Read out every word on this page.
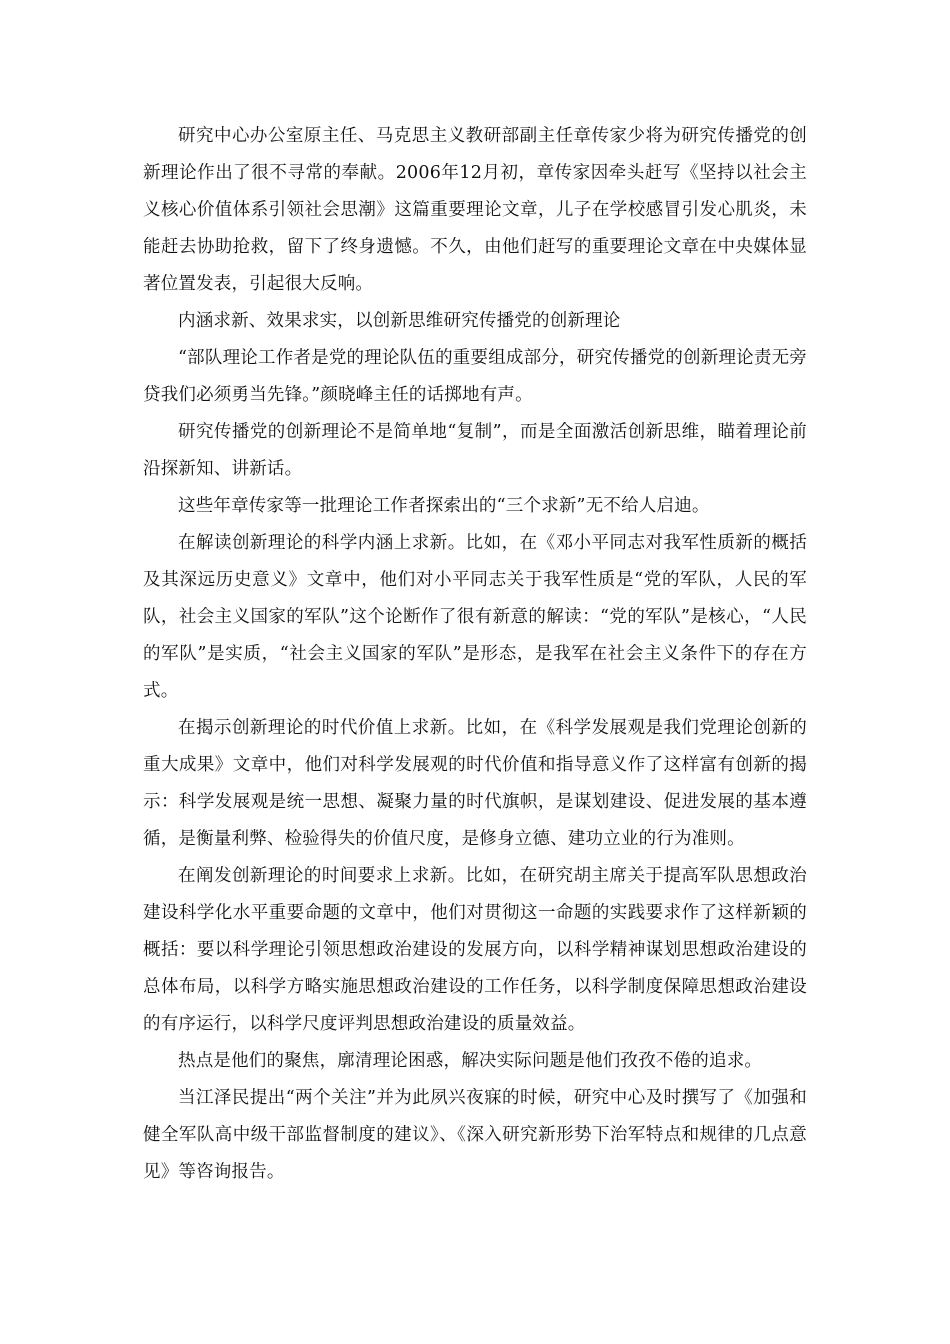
研究中心办公室原主任、马克思主义教研部副主任章传家少将为研究传播党的创新理论作出了很不寻常的奉献。2006年12月初，章传家因牵头赶写《坚持以社会主义核心价值体系引领社会思潮》这篇重要理论文章，儿子在学校感冒引发心肌炎，未能赶去协助抢救，留下了终身遗憾。不久，由他们赶写的重要理论文章在中央媒体显著位置发表，引起很大反响。

内涵求新、效果求实，以创新思维研究传播党的创新理论

“部队理论工作者是党的理论队伍的重要组成部分，研究传播党的创新理论责无旁贷我们必须勇当先锋。”颜晓峰主任的话掷地有声。

研究传播党的创新理论不是简单地“复制”，而是全面激活创新思维，瞄着理论前沿探新知、讲新话。

这些年章传家等一批理论工作者探索出的“三个求新”无不给人启迪。

在解读创新理论的科学内涵上求新。比如，在《邓小平同志对我军性质新的概括及其深远历史意义》文章中，他们对小平同志关于我军性质是“党的军队，人民的军队，社会主义国家的军队”这个论断作了很有新意的解读：“党的军队”是核心，“人民的军队”是实质，“社会主义国家的军队”是形态，是我军在社会主义条件下的存在方式。

在揭示创新理论的时代价值上求新。比如，在《科学发展观是我们党理论创新的重大成果》文章中，他们对科学发展观的时代价值和指导意义作了这样富有创新的揭示：科学发展观是统一思想、凝聚力量的时代旗帜，是谋划建设、促进发展的基本遵循，是衡量利弊、检验得失的价值尺度，是修身立德、建功立业的行为准则。

在阐发创新理论的时间要求上求新。比如，在研究胡主席关于提高军队思想政治建设科学化水平重要命题的文章中，他们对贯彻这一命题的实践要求作了这样新颖的概括：要以科学理论引领思想政治建设的发展方向，以科学精神谋划思想政治建设的总体布局，以科学方略实施思想政治建设的工作任务，以科学制度保障思想政治建设的有序运行，以科学尺度评判思想政治建设的质量效益。

热点是他们的聚焦，廓清理论困惑，解决实际问题是他们孜孜不倦的追求。

当江泽民提出“两个关注”并为此夙兴夜寐的时候，研究中心及时撰写了《加强和健全军队高中级干部监督制度的建议》、《深入研究新形势下治军特点和规律的几点意见》等咨询报告。
